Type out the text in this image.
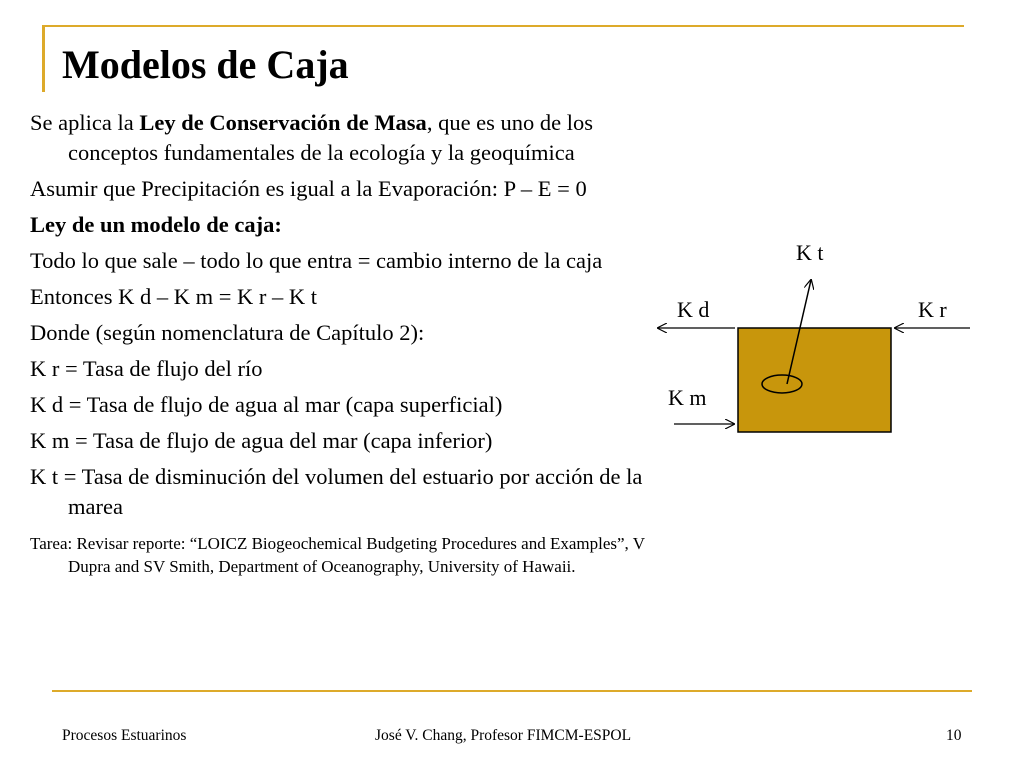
Modelos de Caja

Se aplica la Ley de Conservación de Masa, que es uno de los conceptos fundamentales de la ecología y la geoquímica

Asumir que Precipitación es igual a la Evaporación: P – E = 0

Ley de un modelo de caja:

Todo lo que sale – todo lo que entra = cambio interno de la caja

Entonces K d – K m = K r – K t

Donde (según nomenclatura de Capítulo 2):

K r = Tasa de flujo del río

K d = Tasa de flujo de agua al mar (capa superficial)

K m = Tasa de flujo de agua del mar (capa inferior)

K t = Tasa de disminución del volumen del estuario por acción de la marea

Tarea: Revisar reporte: “LOICZ Biogeochemical Budgeting Procedures and Examples”, V Dupra and SV Smith, Department of Oceanography, University of Hawaii.

K t
K d	K r
K m
Procesos Estuarinos	José V. Chang, Profesor FIMCM-ESPOL	10
